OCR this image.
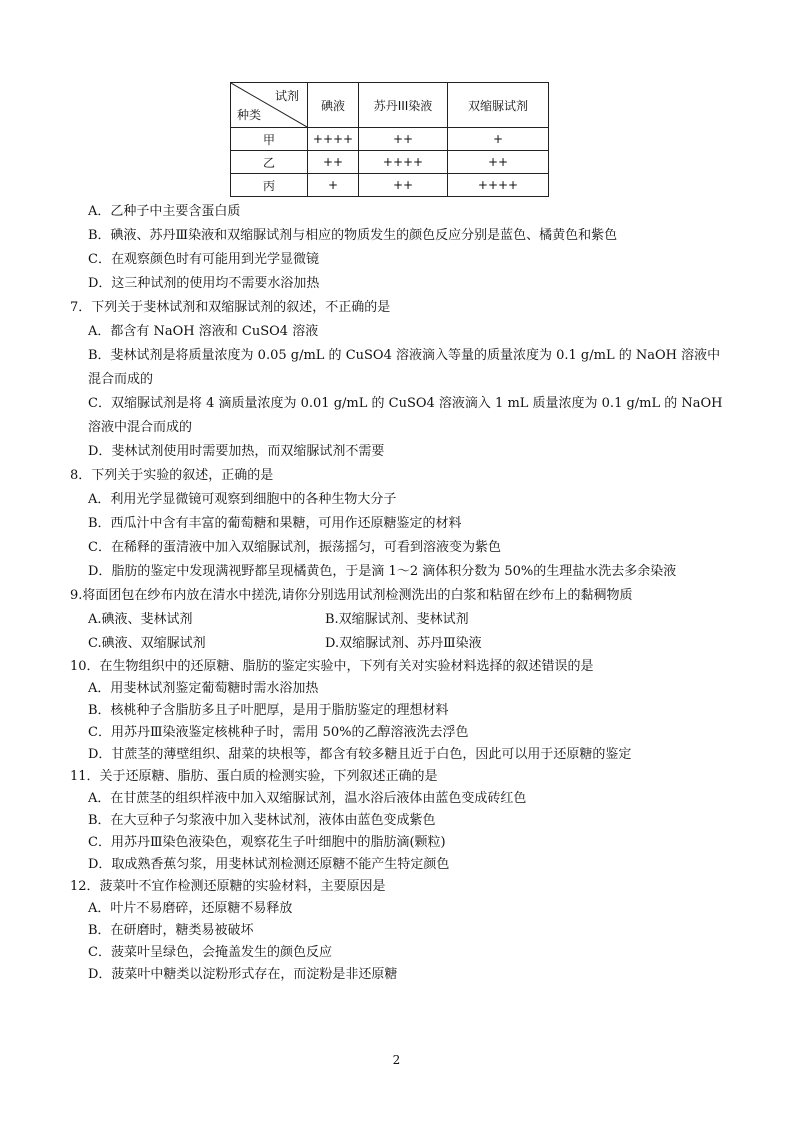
试剂
种类	碘液	苏丹III染液	双缩脲试剂
甲	++++	++	+
乙	++	++++	++
丙	+	++	++++
A．乙种子中主要含蛋白质
B．碘液、苏丹Ⅲ染液和双缩脲试剂与相应的物质发生的颜色反应分别是蓝色、橘黄色和紫色
C．在观察颜色时有可能用到光学显微镜
D．这三种试剂的使用均不需要水浴加热
7．下列关于斐林试剂和双缩脲试剂的叙述，不正确的是
A．都含有 NaOH 溶液和 CuSO4 溶液
B．斐林试剂是将质量浓度为 0.05 g/mL 的 CuSO4 溶液滴入等量的质量浓度为 0.1 g/mL 的 NaOH 溶液中混合而成的
C．双缩脲试剂是将 4 滴质量浓度为 0.01 g/mL 的 CuSO4 溶液滴入 1 mL 质量浓度为 0.1 g/mL 的 NaOH 溶液中混合而成的
D．斐林试剂使用时需要加热，而双缩脲试剂不需要
8．下列关于实验的叙述，正确的是
A．利用光学显微镜可观察到细胞中的各种生物大分子
B．西瓜汁中含有丰富的葡萄糖和果糖，可用作还原糖鉴定的材料
C．在稀释的蛋清液中加入双缩脲试剂，振荡摇匀，可看到溶液变为紫色
D．脂肪的鉴定中发现满视野都呈现橘黄色，于是滴 1～2 滴体积分数为 50%的生理盐水洗去多余染液
9.将面团包在纱布内放在清水中搓洗,请你分别选用试剂检测洗出的白浆和粘留在纱布上的黏稠物质
A.碘液、斐林试剂	B.双缩脲试剂、斐林试剂
C.碘液、双缩脲试剂	D.双缩脲试剂、苏丹Ⅲ染液
10．在生物组织中的还原糖、脂肪的鉴定实验中，下列有关对实验材料选择的叙述错误的是
A．用斐林试剂鉴定葡萄糖时需水浴加热
B．核桃种子含脂肪多且子叶肥厚，是用于脂肪鉴定的理想材料
C．用苏丹Ⅲ染液鉴定核桃种子时，需用 50%的乙醇溶液洗去浮色
D．甘蔗茎的薄壁组织、甜菜的块根等，都含有较多糖且近于白色，因此可以用于还原糖的鉴定
11．关于还原糖、脂肪、蛋白质的检测实验，下列叙述正确的是
A．在甘蔗茎的组织样液中加入双缩脲试剂，温水浴后液体由蓝色变成砖红色
B．在大豆种子匀浆液中加入斐林试剂，液体由蓝色变成紫色
C．用苏丹Ⅲ染色液染色，观察花生子叶细胞中的脂肪滴(颗粒)
D．取成熟香蕉匀浆，用斐林试剂检测还原糖不能产生特定颜色
12．菠菜叶不宜作检测还原糖的实验材料，主要原因是
A．叶片不易磨碎，还原糖不易释放
B．在研磨时，糖类易被破坏
C．菠菜叶呈绿色，会掩盖发生的颜色反应
D．菠菜叶中糖类以淀粉形式存在，而淀粉是非还原糖
2
